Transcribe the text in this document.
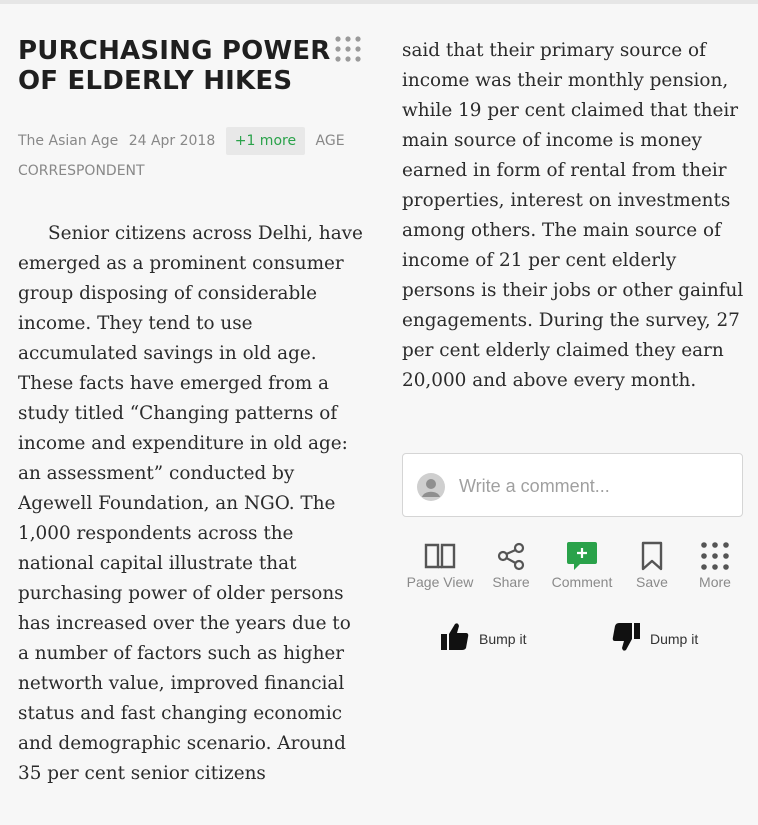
PURCHASING POWER OF ELDERLY HIKES
The Asian Age 24 Apr 2018 +1 more AGE CORRESPONDENT

Senior citizens across Delhi, have emerged as a prominent consumer group disposing of considerable income. They tend to use accumulated savings in old age. These facts have emerged from a study titled “Changing patterns of income and expenditure in old age: an assessment” conducted by Agewell Foundation, an NGO. The 1,000 respondents across the national capital illustrate that purchasing power of older persons has increased over the years due to a number of factors such as higher networth value, improved financial status and fast changing economic and demographic scenario. Around 35 per cent senior citizens

said that their primary source of income was their monthly pension, while 19 per cent claimed that their main source of income is money earned in form of rental from their properties, interest on investments among others. The main source of income of 21 per cent elderly persons is their jobs or other gainful engagements. During the survey, 27 per cent elderly claimed they earn 20,000 and above every month.

Write a comment...
Page View	Share	Comment	Save	More
Bump it	Dump it
